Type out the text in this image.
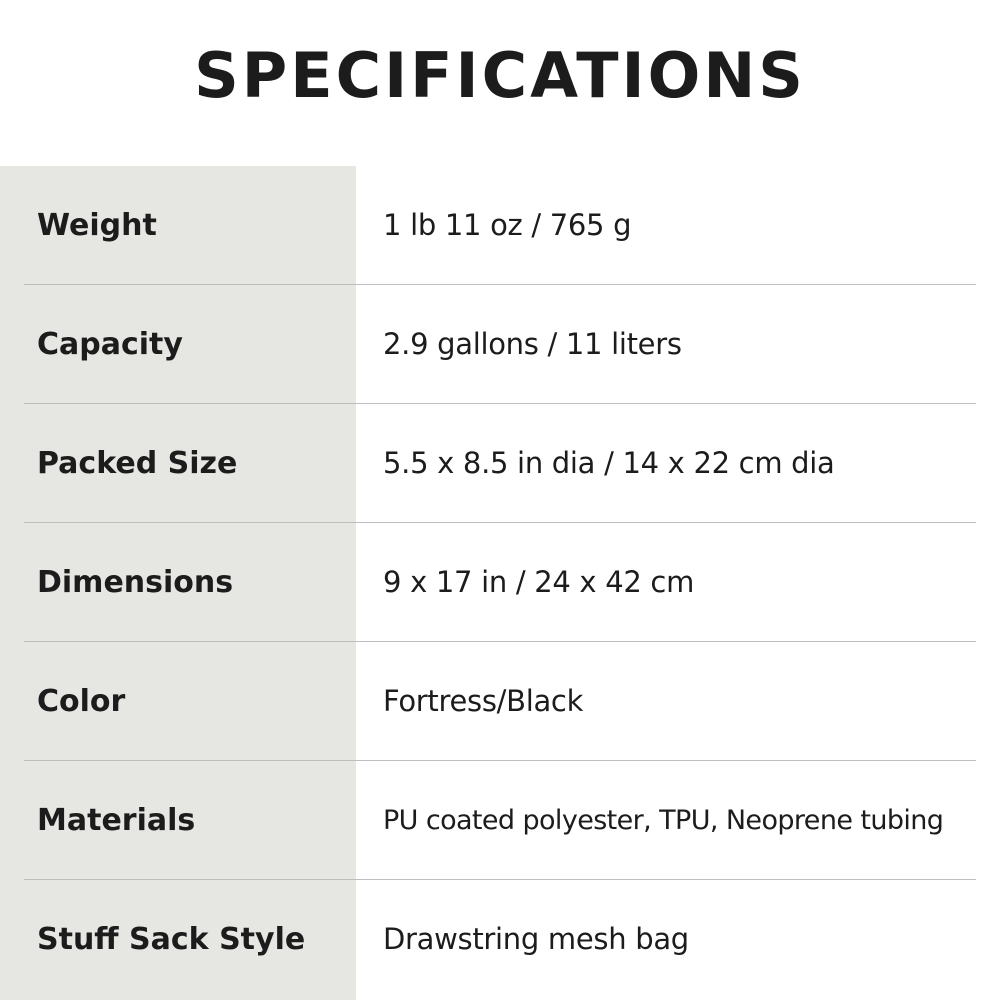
SPECIFICATIONS
Weight	1 lb 11 oz / 765 g
Capacity	2.9 gallons / 11 liters
Packed Size	5.5 x 8.5 in dia / 14 x 22 cm dia
Dimensions	9 x 17 in / 24 x 42 cm
Color	Fortress/Black
Materials	PU coated polyester, TPU, Neoprene tubing
Stuff Sack Style	Drawstring mesh bag
